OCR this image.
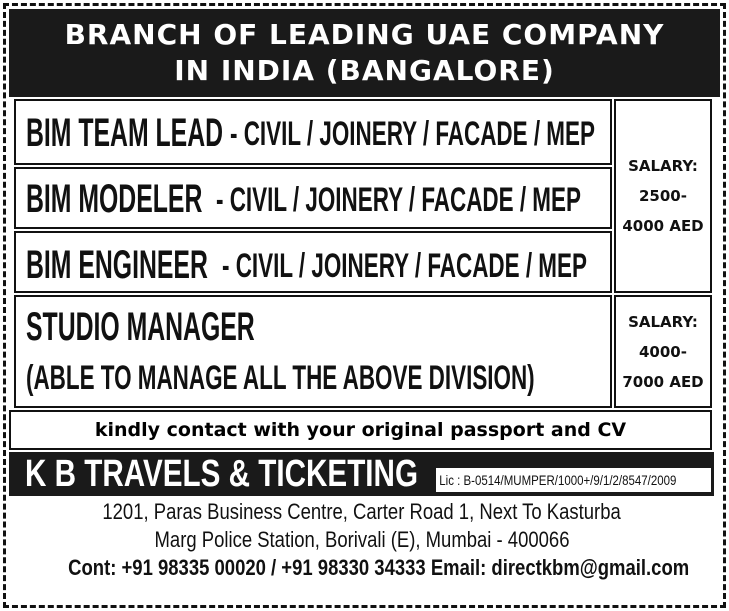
BRANCH OF LEADING UAE COMPANY
IN INDIA (BANGALORE)
BIM TEAM LEAD - CIVIL / JOINERY / FACADE / MEP
BIM MODELER - CIVIL / JOINERY / FACADE / MEP
BIM ENGINEER - CIVIL / JOINERY / FACADE / MEP
SALARY:
2500-
4000 AED
STUDIO MANAGER
(ABLE TO MANAGE ALL THE ABOVE DIVISION)
SALARY:
4000-
7000 AED
kindly contact with your original passport and CV
K B TRAVELS & TICKETING Lic : B-0514/MUMPER/1000+/9/1/2/8547/2009
1201, Paras Business Centre, Carter Road 1, Next To Kasturba
Marg Police Station, Borivali (E), Mumbai - 400066
Cont: +91 98335 00020 / +91 98330 34333 Email: directkbm@gmail.com
